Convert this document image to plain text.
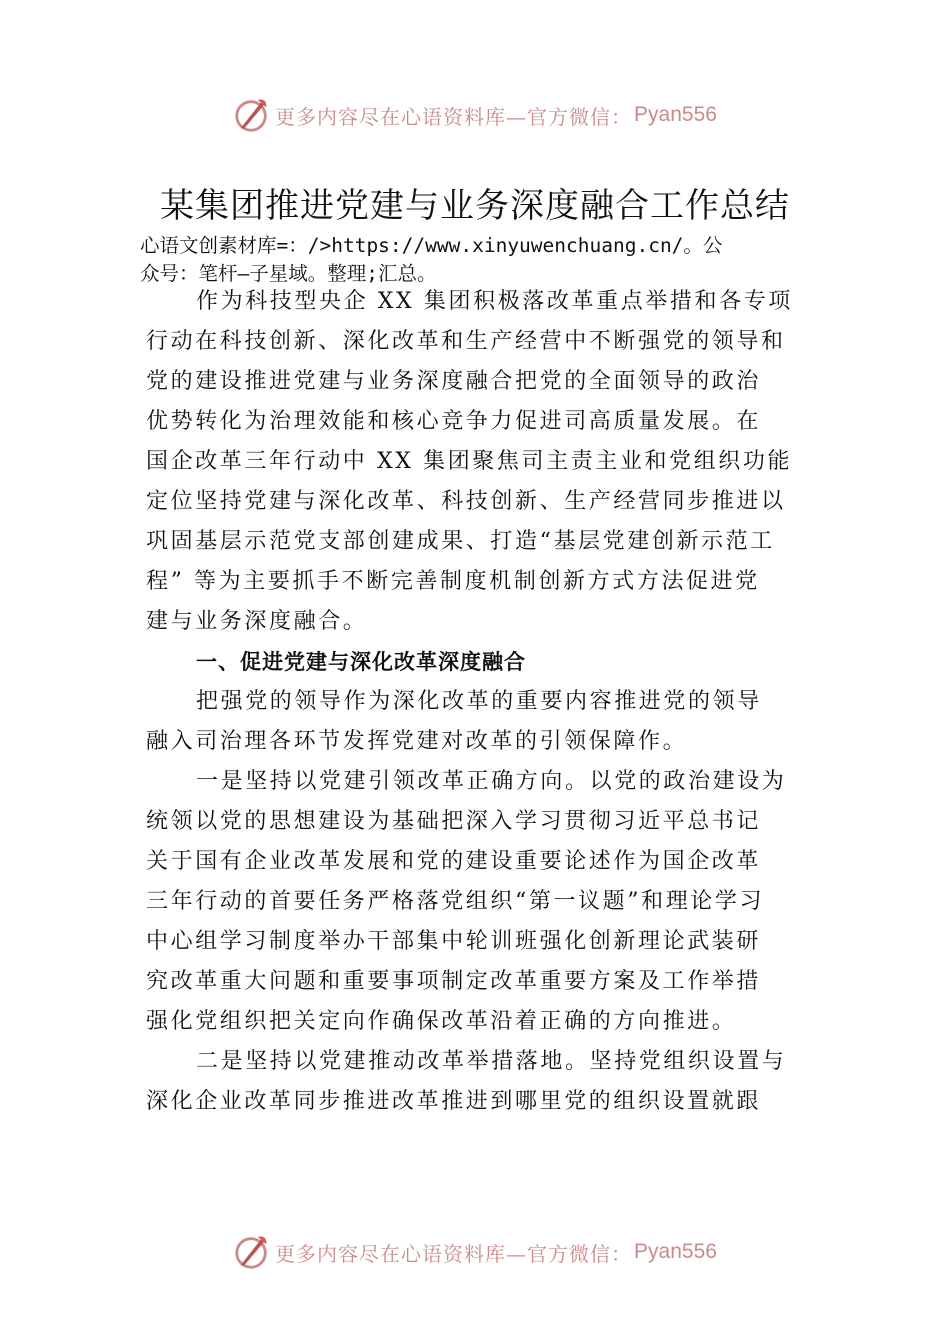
更多内容尽在心语资料库—官方微信： Pyan556
某集团推进党建与业务深度融合工作总结
心语文创素材库=：/>https://www.xinyuwenchuang.cn/。公
众号：笔杆—子星域。整理;汇总。
作为科技型央企 XX 集团积极落改革重点举措和各专项
行动在科技创新、深化改革和生产经营中不断强党的领导和
党的建设推进党建与业务深度融合把党的全面领导的政治
优势转化为治理效能和核心竞争力促进司高质量发展。在
国企改革三年行动中 XX 集团聚焦司主责主业和党组织功能
定位坚持党建与深化改革、科技创新、生产经营同步推进以
巩固基层示范党支部创建成果、打造“基层党建创新示范工
程” 等为主要抓手不断完善制度机制创新方式方法促进党
建与业务深度融合。
一、促进党建与深化改革深度融合
把强党的领导作为深化改革的重要内容推进党的领导
融入司治理各环节发挥党建对改革的引领保障作。
一是坚持以党建引领改革正确方向。以党的政治建设为
统领以党的思想建设为基础把深入学习贯彻习近平总书记
关于国有企业改革发展和党的建设重要论述作为国企改革
三年行动的首要任务严格落党组织“第一议题”和理论学习
中心组学习制度举办干部集中轮训班强化创新理论武装研
究改革重大问题和重要事项制定改革重要方案及工作举措
强化党组织把关定向作确保改革沿着正确的方向推进。
二是坚持以党建推动改革举措落地。坚持党组织设置与
深化企业改革同步推进改革推进到哪里党的组织设置就跟
更多内容尽在心语资料库—官方微信： Pyan556
